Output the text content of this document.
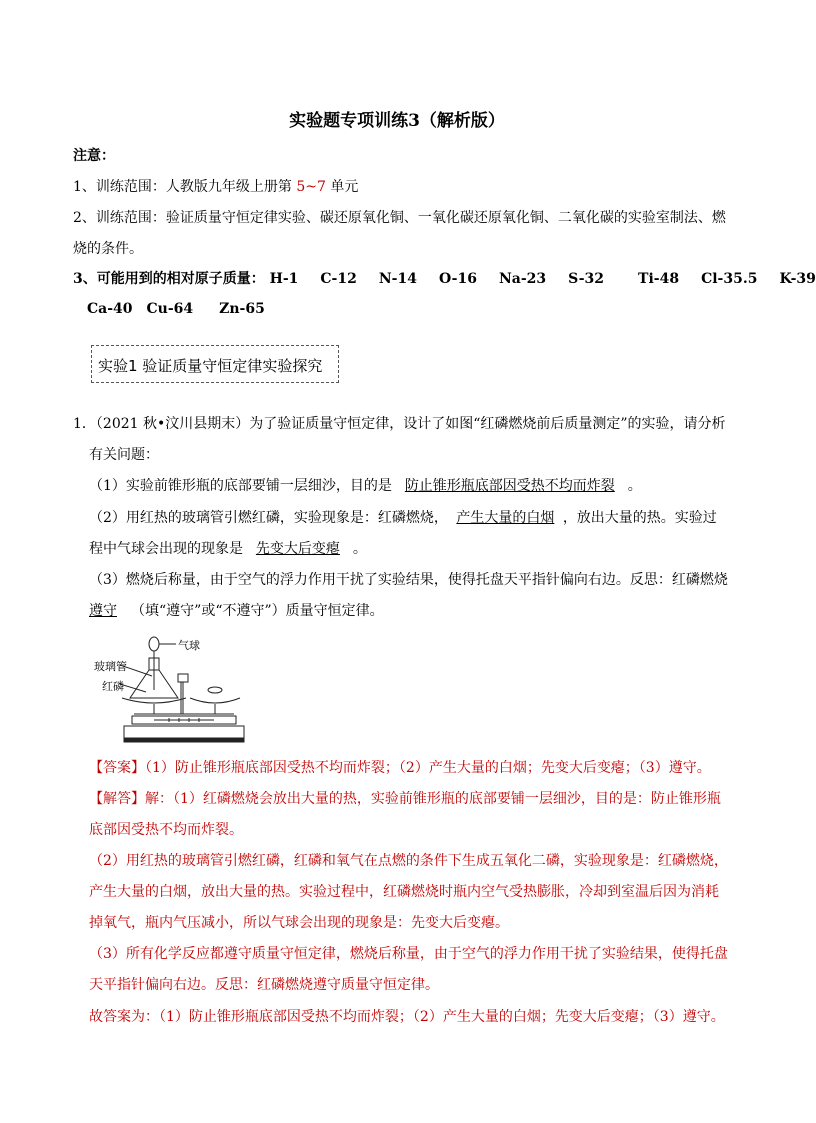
实验题专项训练3（解析版）
注意：
1、训练范围：人教版九年级上册第 5~7 单元
2、训练范围：验证质量守恒定律实验、碳还原氧化铜、一氧化碳还原氧化铜、二氧化碳的实验室制法、燃
烧的条件。
3、可能用到的相对原子质量： H-1 C-12 N-14 O-16 Na-23 S-32 Ti-48 Cl-35.5 K-39
Ca-40 Cu-64 Zn-65
实验1 验证质量守恒定律实验探究
1．（2021 秋•汶川县期末）为了验证质量守恒定律，设计了如图“红磷燃烧前后质量测定”的实验，请分析
有关问题：
（1）实验前锥形瓶的底部要铺一层细沙，目的是 防止锥形瓶底部因受热不均而炸裂 。
（2）用红热的玻璃管引燃红磷，实验现象是：红磷燃烧， 产生大量的白烟 ，放出大量的热。实验过
程中气球会出现的现象是 先变大后变瘪 。
（3）燃烧后称量，由于空气的浮力作用干扰了实验结果，使得托盘天平指针偏向右边。反思：红磷燃烧
遵守 （填“遵守”或“不遵守”）质量守恒定律。
气球
玻璃管
红磷
【答案】（1）防止锥形瓶底部因受热不均而炸裂；（2）产生大量的白烟；先变大后变瘪；（3）遵守。
【解答】解：（1）红磷燃烧会放出大量的热，实验前锥形瓶的底部要铺一层细沙，目的是：防止锥形瓶
底部因受热不均而炸裂。
（2）用红热的玻璃管引燃红磷，红磷和氧气在点燃的条件下生成五氧化二磷，实验现象是：红磷燃烧，
产生大量的白烟，放出大量的热。实验过程中，红磷燃烧时瓶内空气受热膨胀，冷却到室温后因为消耗
掉氧气，瓶内气压减小，所以气球会出现的现象是：先变大后变瘪。
（3）所有化学反应都遵守质量守恒定律，燃烧后称量，由于空气的浮力作用干扰了实验结果，使得托盘
天平指针偏向右边。反思：红磷燃烧遵守质量守恒定律。
故答案为：（1）防止锥形瓶底部因受热不均而炸裂；（2）产生大量的白烟；先变大后变瘪；（3）遵守。
